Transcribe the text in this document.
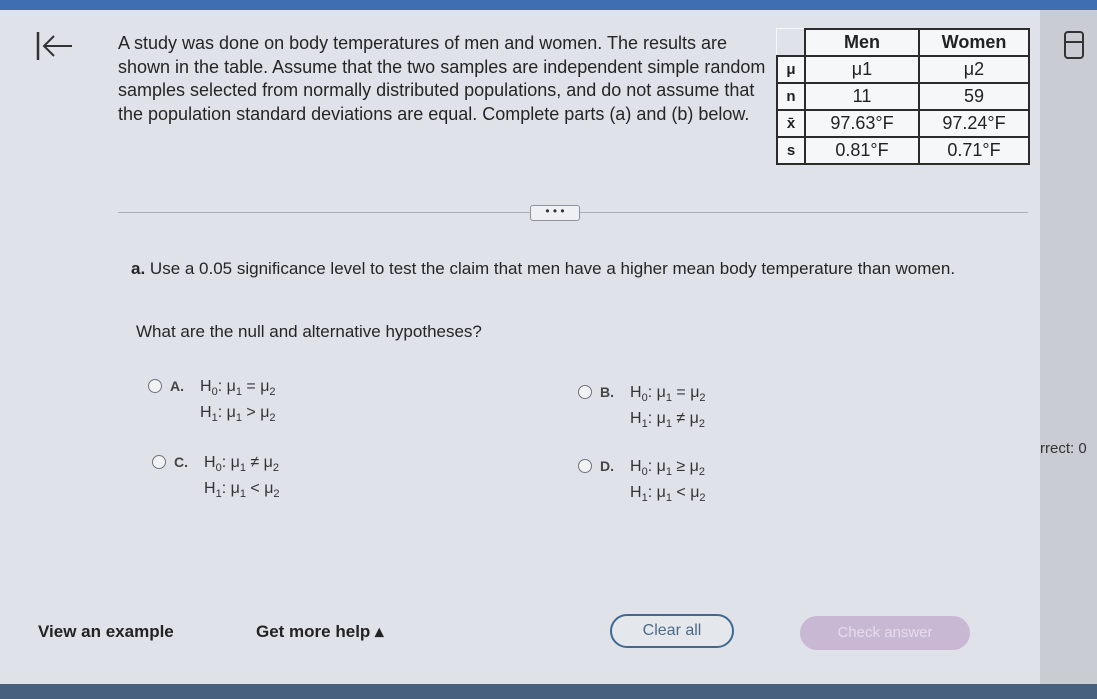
A study was done on body temperatures of men and women. The results are shown in the table. Assume that the two samples are independent simple random samples selected from normally distributed populations, and do not assume that the population standard deviations are equal. Complete parts (a) and (b) below.
	Men	Women
μ	μ1	μ2
n	11	59
x̄	97.63°F	97.24°F
s	0.81°F	0.71°F
• • •
a. Use a 0.05 significance level to test the claim that men have a higher mean body temperature than women.
What are the null and alternative hypotheses?
A. $H_0$: $\mu_1 = \mu_2$
$H_1$: $\mu_1 > \mu_2$
B. $H_0$: $\mu_1 = \mu_2$
$H_1$: $\mu_1 \ne \mu_2$
C. $H_0$: $\mu_1 \ne \mu_2$
$H_1$: $\mu_1 < \mu_2$
D. $H_0$: $\mu_1 \ge \mu_2$
$H_1$: $\mu_1 < \mu_2$
rrect: 0
View an example	Get more help ▴	Clear all	Check answer
